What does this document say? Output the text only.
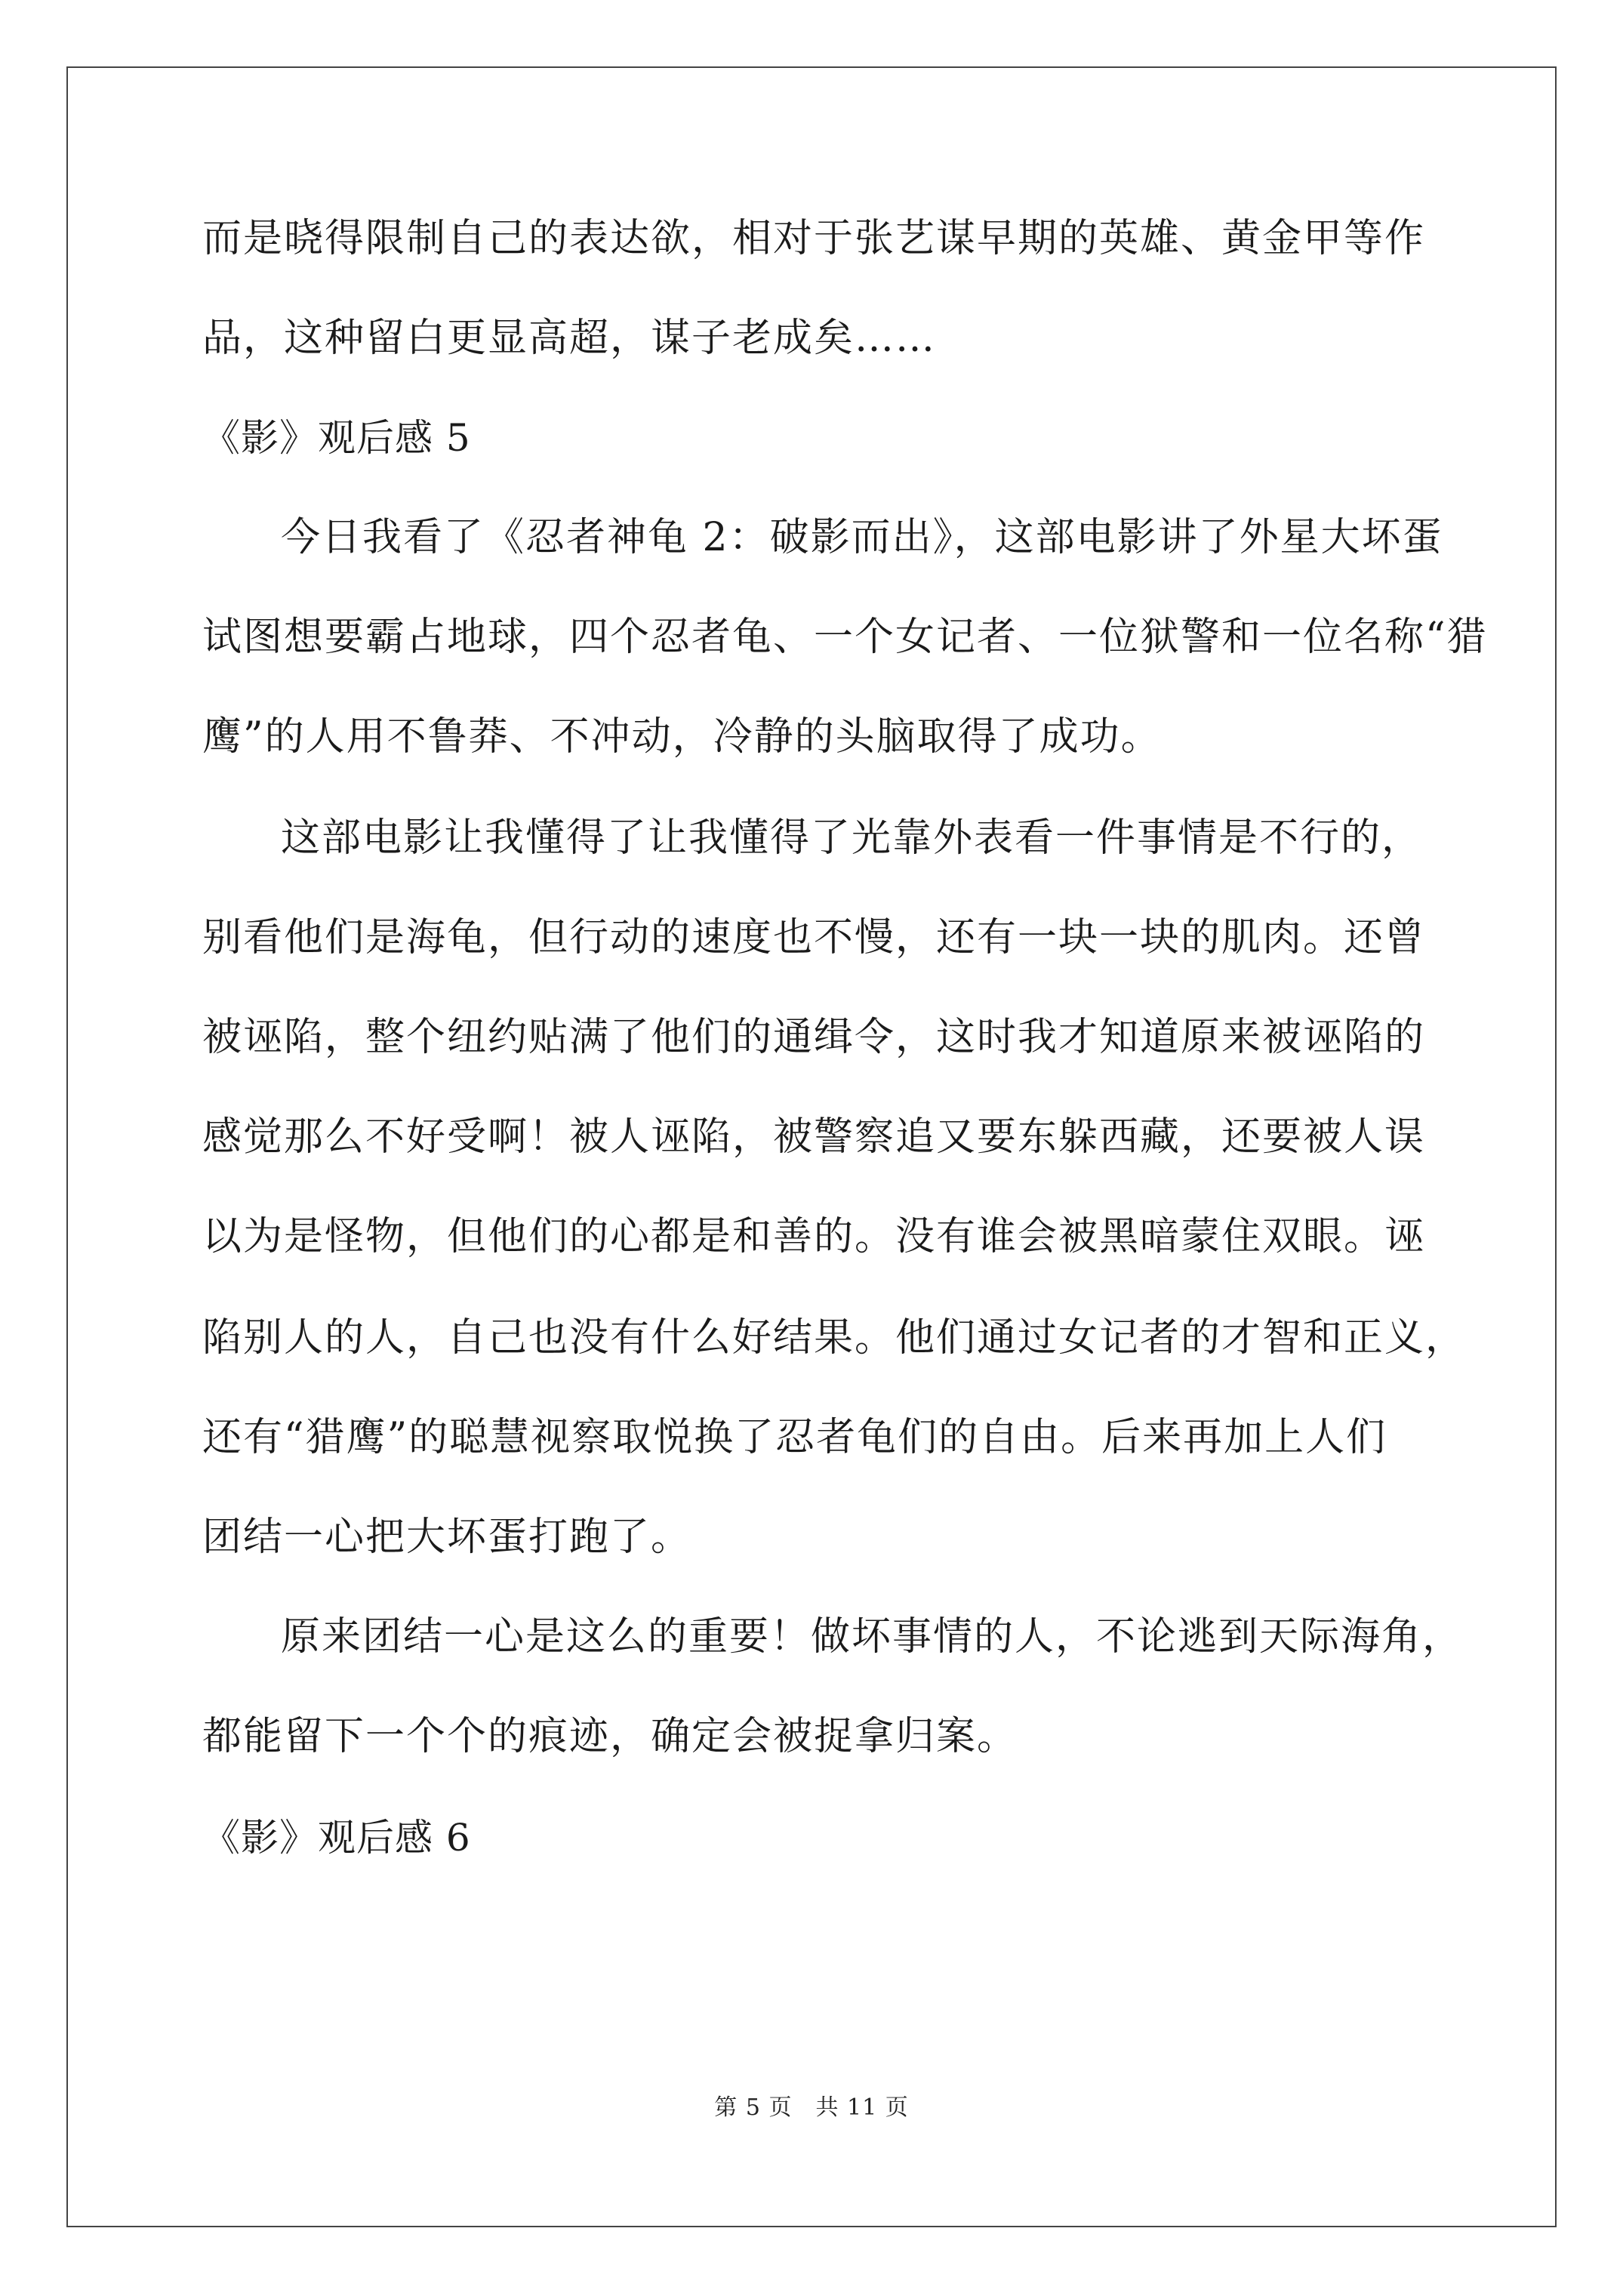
而是晓得限制自己的表达欲，相对于张艺谋早期的英雄、黄金甲等作
品，这种留白更显高超，谋子老成矣……
《影》观后感 5
今日我看了《忍者神龟 2：破影而出》，这部电影讲了外星大坏蛋
试图想要霸占地球，四个忍者龟、一个女记者、一位狱警和一位名称“猎
鹰”的人用不鲁莽、不冲动，冷静的头脑取得了成功。
这部电影让我懂得了让我懂得了光靠外表看一件事情是不行的，
别看他们是海龟，但行动的速度也不慢，还有一块一块的肌肉。还曾
被诬陷，整个纽约贴满了他们的通缉令，这时我才知道原来被诬陷的
感觉那么不好受啊！被人诬陷，被警察追又要东躲西藏，还要被人误
以为是怪物，但他们的心都是和善的。没有谁会被黑暗蒙住双眼。诬
陷别人的人，自己也没有什么好结果。他们通过女记者的才智和正义，
还有“猎鹰”的聪慧视察取悦换了忍者龟们的自由。后来再加上人们
团结一心把大坏蛋打跑了。
原来团结一心是这么的重要！做坏事情的人，不论逃到天际海角，
都能留下一个个的痕迹，确定会被捉拿归案。
《影》观后感 6
第 5 页　共 11 页
